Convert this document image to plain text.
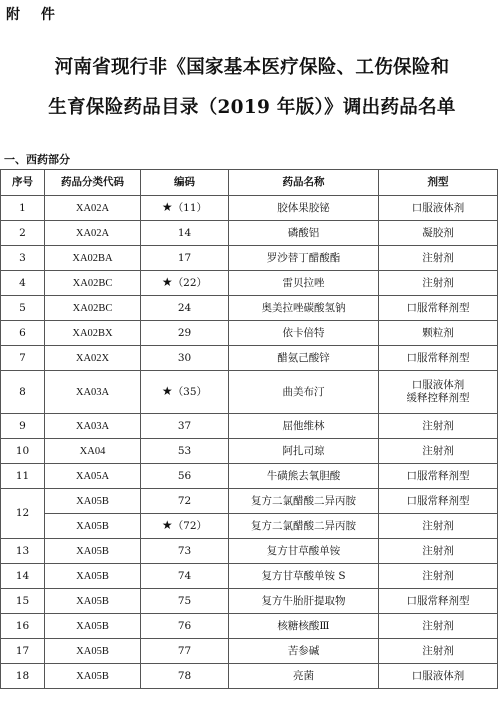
附 件
河南省现行非《国家基本医疗保险、工伤保险和
生育保险药品目录（2019 年版）》调出药品名单
一、西药部分
序号	药品分类代码	编码	药品名称	剂型
1	XA02A	★（11）	胶体果胶铋	口服液体剂

2	XA02A	14	磷酸铝	凝胶剂

3	XA02BA	17	罗沙替丁醋酸酯	注射剂

4	XA02BC	★（22）	雷贝拉唑	注射剂

5	XA02BC	24	奥美拉唑碳酸氢钠	口服常释剂型

6	XA02BX	29	依卡倍特	颗粒剂

7	XA02X	30	醋氨己酸锌	口服常释剂型

8	XA03A	★（35）	曲美布汀	口服液体剂
缓释控释剂型

9	XA03A	37	屈他维林	注射剂

10	XA04	53	阿扎司琼	注射剂

11	XA05A	56	牛磺熊去氧胆酸	口服常释剂型

12	XA05B	72	复方二氯醋酸二异丙胺	口服常释剂型

	XA05B	★（72）	复方二氯醋酸二异丙胺	注射剂

13	XA05B	73	复方甘草酸单铵	注射剂

14	XA05B	74	复方甘草酸单铵 S	注射剂

15	XA05B	75	复方牛胎肝提取物	口服常释剂型

16	XA05B	76	核糖核酸Ⅲ	注射剂

17	XA05B	77	苦参碱	注射剂

18	XA05B	78	亮菌	口服液体剂
